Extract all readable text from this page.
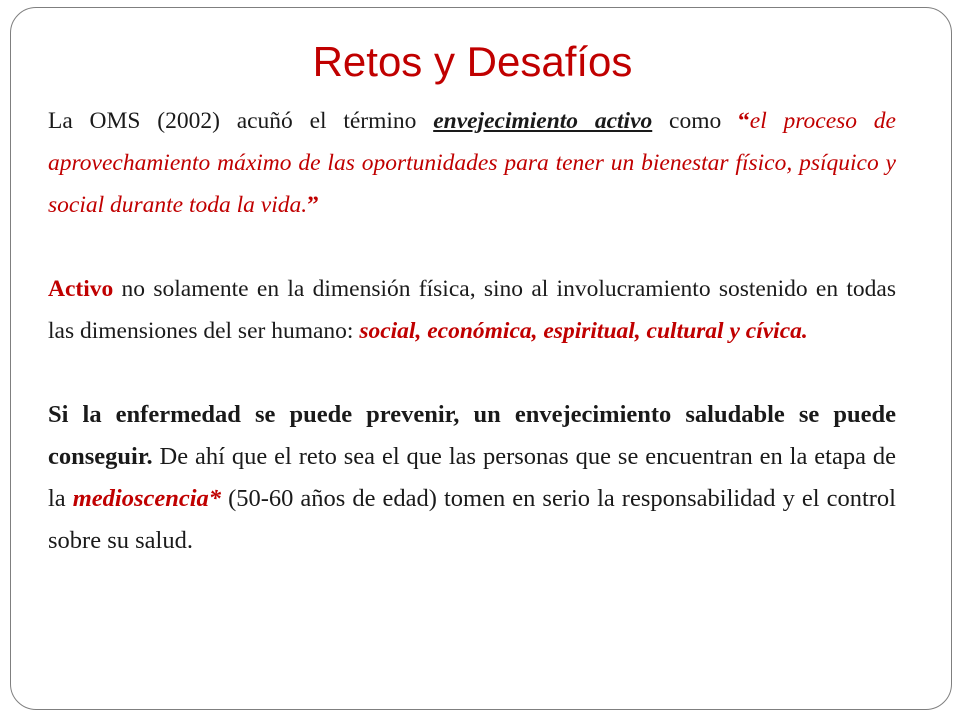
Retos y Desafíos

La OMS (2002) acuñó el término envejecimiento activo como “el proceso de aprovechamiento máximo de las oportunidades para tener un bienestar físico, psíquico y social durante toda la vida.”

Activo no solamente en la dimensión física, sino al involucramiento sostenido en todas las dimensiones del ser humano: social, económica, espiritual, cultural y cívica.

Si la enfermedad se puede prevenir, un envejecimiento saludable se puede conseguir. De ahí que el reto sea el que las personas que se encuentran en la etapa de la medioscencia* (50-60 años de edad) tomen en serio la responsabilidad y el control sobre su salud.
